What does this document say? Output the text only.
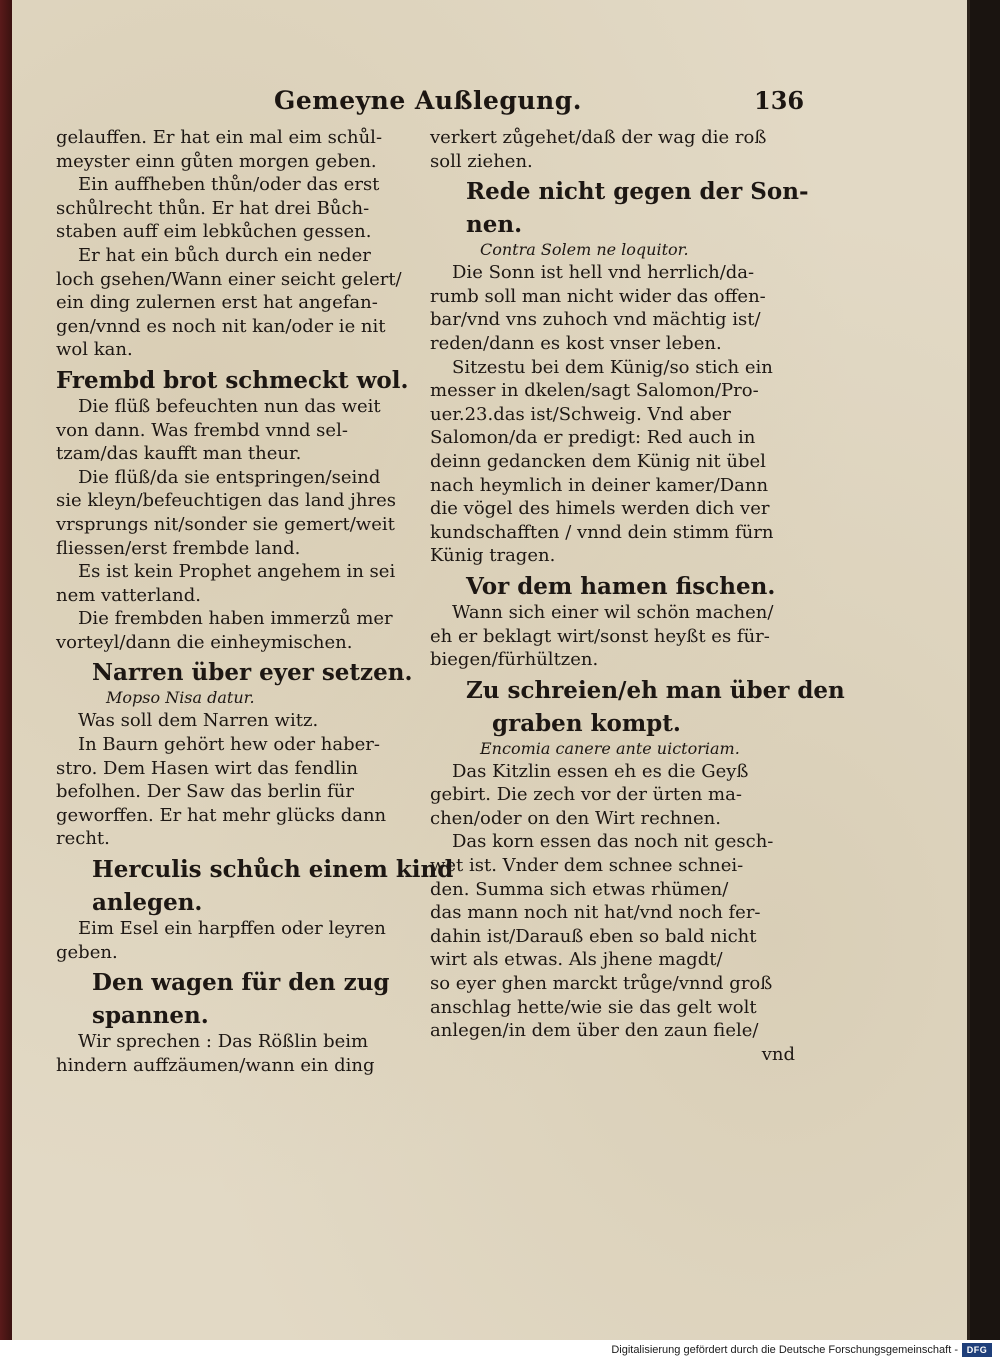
Gemeyne Außlegung.	136
gelauffen. Er hat ein mal eim schůl-
meyster einn gůten morgen geben.
Ein auffheben thůn/oder das erst
schůlrecht thůn. Er hat drei Bůch-
staben auff eim lebkůchen gessen.
Er hat ein bůch durch ein neder
loch gsehen/Wann einer seicht gelert/
ein ding zulernen erst hat angefan-
gen/vnnd es noch nit kan/oder ie nit
wol kan.
Frembd brot schmeckt wol.
Die flüß befeuchten nun das weit
von dann. Was frembd vnnd sel-
tzam/das kaufft man theur.
Die flüß/da sie entspringen/seind
sie kleyn/befeuchtigen das land jhres
vrsprungs nit/sonder sie gemert/weit
fliessen/erst frembde land.
Es ist kein Prophet angehem in sei
nem vatterland.
Die frembden haben immerzů mer
vorteyl/dann die einheymischen.
Narren über eyer setzen.
Mopso Nisa datur.
Was soll dem Narren witz.
In Baurn gehört hew oder haber-
stro. Dem Hasen wirt das fendlin
befolhen. Der Saw das berlin für
geworffen. Er hat mehr glücks dann
recht.
Herculis schůch einem kind
anlegen.
Eim Esel ein harpffen oder leyren
geben.
Den wagen für den zug
spannen.
Wir sprechen : Das Rößlin beim
hindern auffzäumen/wann ein ding
verkert zůgehet/daß der wag die roß
soll ziehen.
Rede nicht gegen der Son-
nen.
Contra Solem ne loquitor.
Die Sonn ist hell vnd herrlich/da-
rumb soll man nicht wider das offen-
bar/vnd vns zuhoch vnd mächtig ist/
reden/dann es kost vnser leben.
Sitzestu bei dem Künig/so stich ein
messer in dkelen/sagt Salomon/Pro-
uer.23.das ist/Schweig. Vnd aber
Salomon/da er predigt: Red auch in
deinn gedancken dem Künig nit übel
nach heymlich in deiner kamer/Dann
die vögel des himels werden dich ver
kundschafften / vnnd dein stimm fürn
Künig tragen.
Vor dem hamen fischen.
Wann sich einer wil schön machen/
eh er beklagt wirt/sonst heyßt es für-
biegen/fürhültzen.
Zu schreien/eh man über den
graben kompt.
Encomia canere ante uictoriam.
Das Kitzlin essen eh es die Geyß
gebirt. Die zech vor der ürten ma-
chen/oder on den Wirt rechnen.
Das korn essen das noch nit gesch-
wet ist. Vnder dem schnee schnei-
den. Summa sich etwas rhümen/
das mann noch nit hat/vnd noch fer-
dahin ist/Darauß eben so bald nicht
wirt als etwas. Als jhene magdt/
so eyer ghen marckt trůge/vnnd groß
anschlag hette/wie sie das gelt wolt
anlegen/in dem über den zaun fiele/
vnd
Digitalisierung gefördert durch die Deutsche Forschungsgemeinschaft - DFG
